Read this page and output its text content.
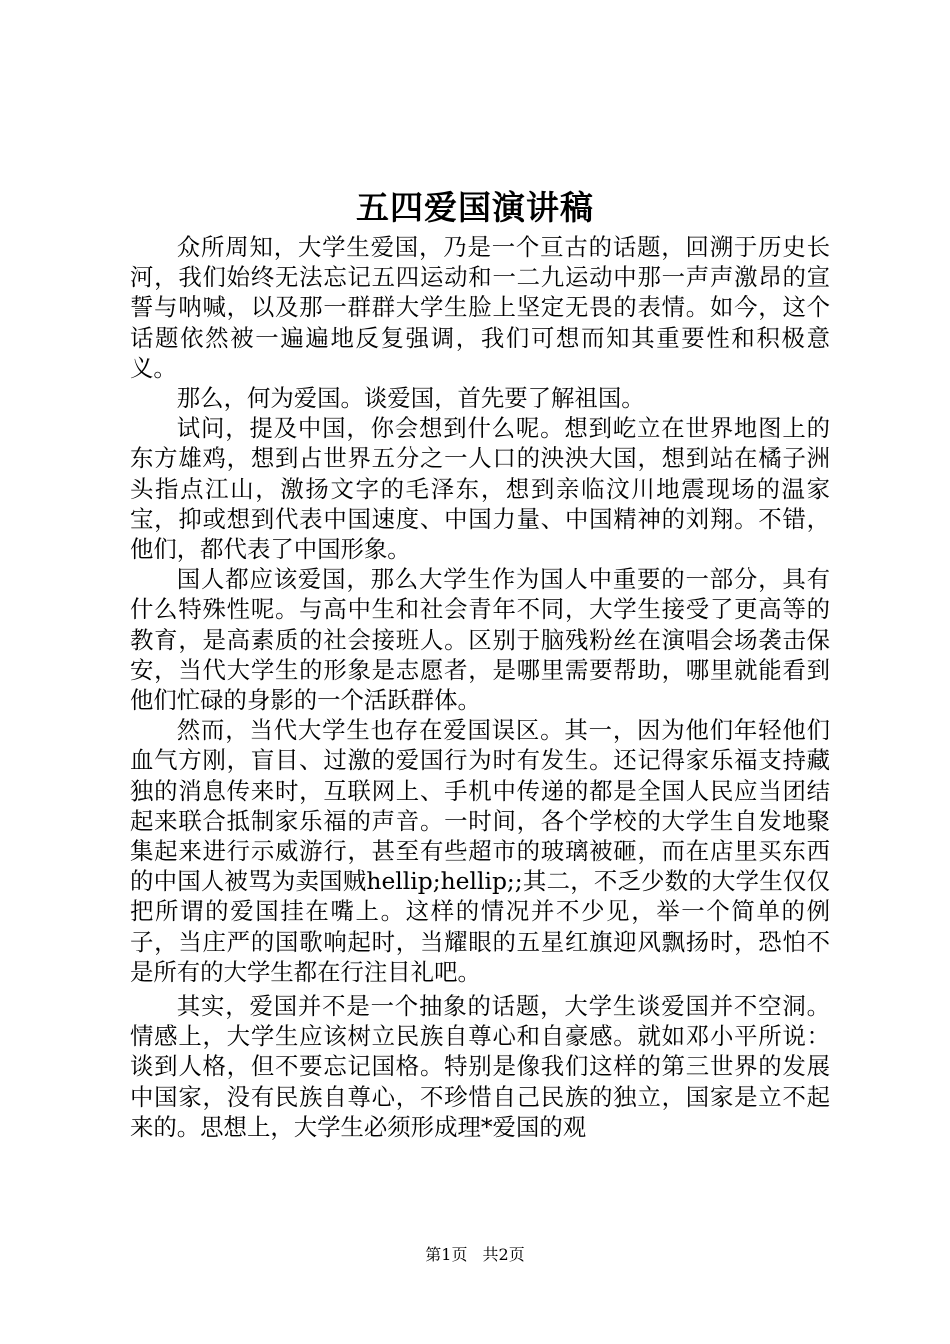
五四爱国演讲稿

众所周知，大学生爱国，乃是一个亘古的话题，回溯于历史长河，我们始终无法忘记五四运动和一二九运动中那一声声激昂的宣誓与呐喊，以及那一群群大学生脸上坚定无畏的表情。如今，这个话题依然被一遍遍地反复强调，我们可想而知其重要性和积极意义。

那么，何为爱国。谈爱国，首先要了解祖国。

试问，提及中国，你会想到什么呢。想到屹立在世界地图上的东方雄鸡，想到占世界五分之一人口的泱泱大国，想到站在橘子洲头指点江山，激扬文字的毛泽东，想到亲临汶川地震现场的温家宝，抑或想到代表中国速度、中国力量、中国精神的刘翔。不错，他们，都代表了中国形象。

国人都应该爱国，那么大学生作为国人中重要的一部分，具有什么特殊性呢。与高中生和社会青年不同，大学生接受了更高等的教育，是高素质的社会接班人。区别于脑残粉丝在演唱会场袭击保安，当代大学生的形象是志愿者，是哪里需要帮助，哪里就能看到他们忙碌的身影的一个活跃群体。

然而，当代大学生也存在爱国误区。其一，因为他们年轻他们血气方刚，盲目、过激的爱国行为时有发生。还记得家乐福支持藏独的消息传来时，互联网上、手机中传递的都是全国人民应当团结起来联合抵制家乐福的声音。一时间，各个学校的大学生自发地聚集起来进行示威游行，甚至有些超市的玻璃被砸，而在店里买东西的中国人被骂为卖国贼hellip;hellip;;其二，不乏少数的大学生仅仅把所谓的爱国挂在嘴上。这样的情况并不少见，举一个简单的例子，当庄严的国歌响起时，当耀眼的五星红旗迎风飘扬时，恐怕不是所有的大学生都在行注目礼吧。

其实，爱国并不是一个抽象的话题，大学生谈爱国并不空洞。情感上，大学生应该树立民族自尊心和自豪感。就如邓小平所说：谈到人格，但不要忘记国格。特别是像我们这样的第三世界的发展中国家，没有民族自尊心，不珍惜自己民族的独立，国家是立不起来的。思想上，大学生必须形成理*爱国的观

第1页 共2页
